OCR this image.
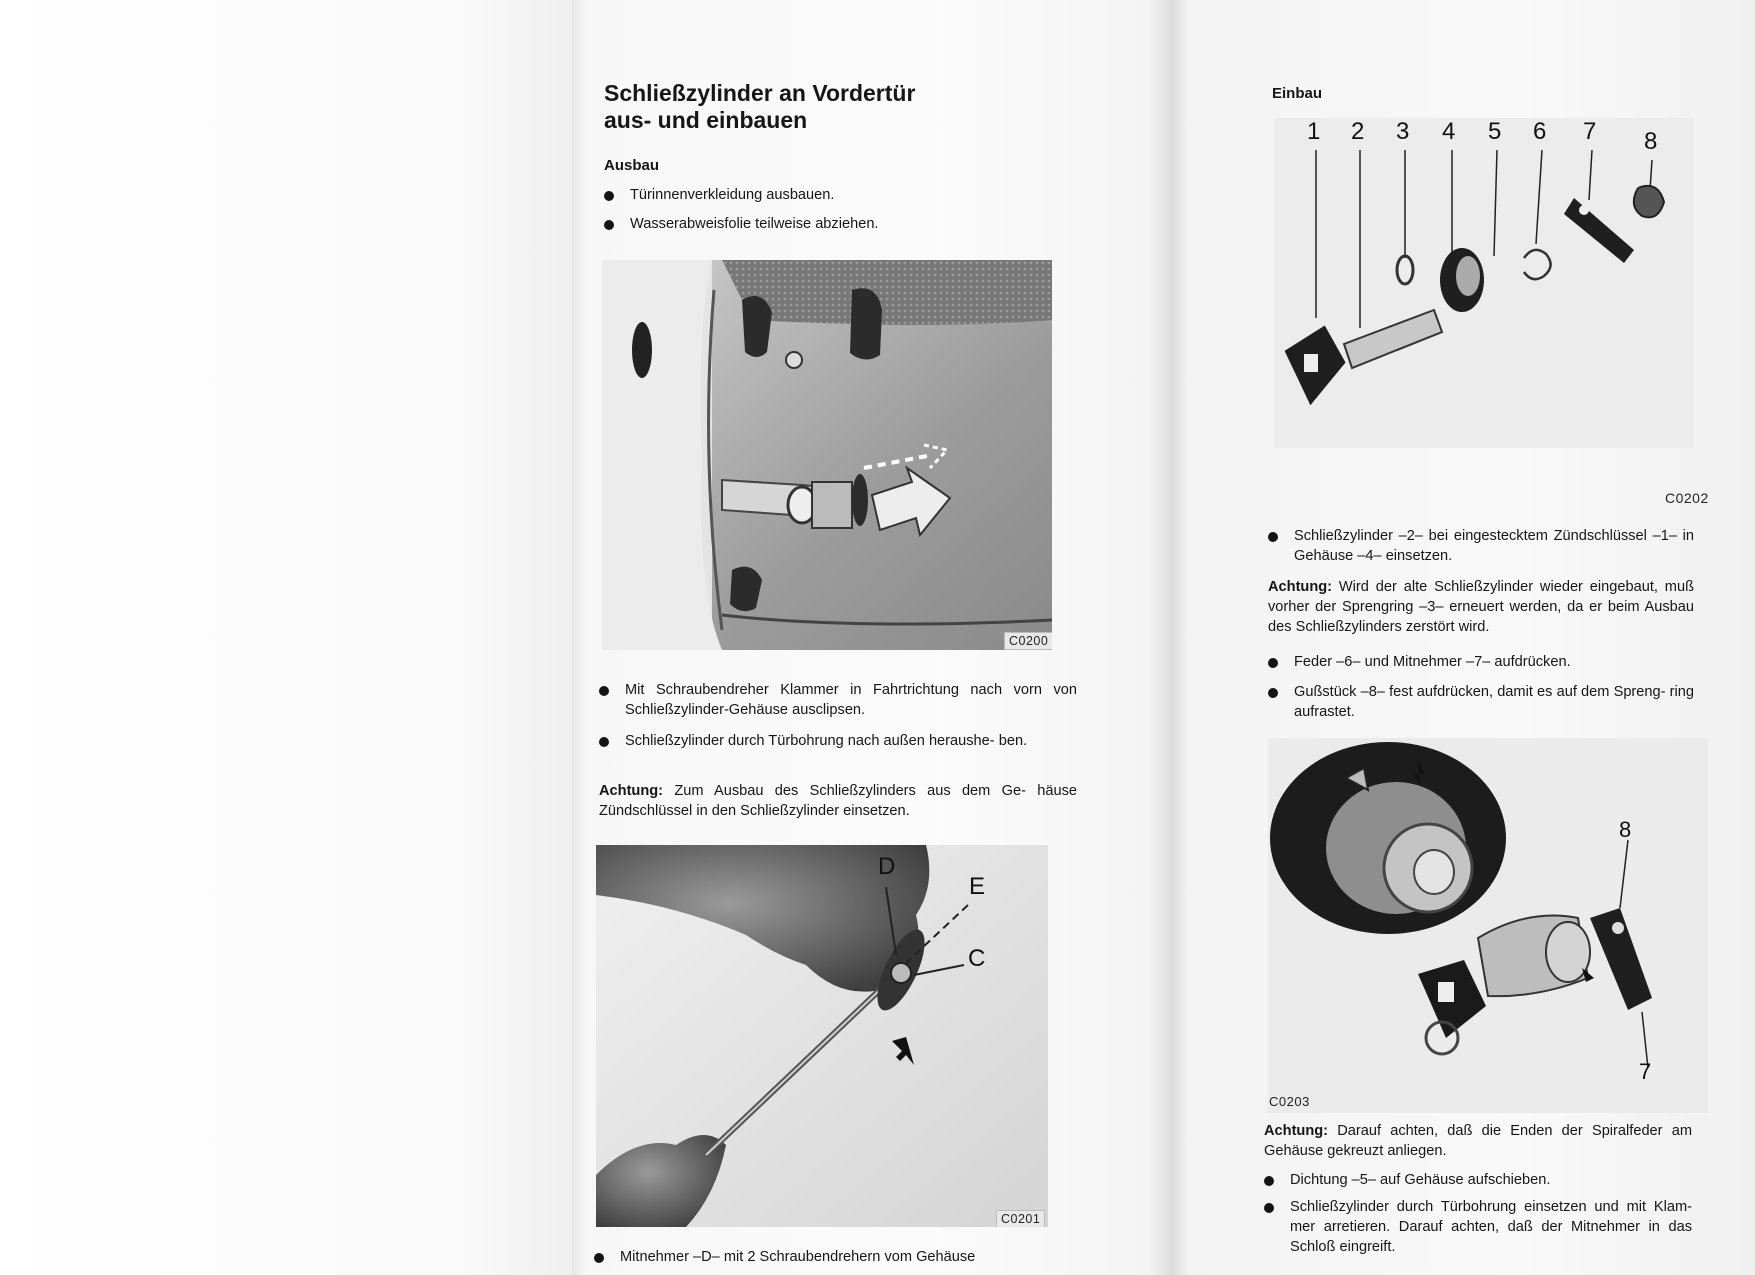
Schließzylinder an Vordertür
aus- und einbauen
Ausbau
Türinnenverkleidung ausbauen.
Wasserabweisfolie teilweise abziehen.
C0200
Mit Schraubendreher Klammer in Fahrtrichtung nach vorn von Schließzylinder-Gehäuse ausclipsen.
Schließzylinder durch Türbohrung nach außen heraushe- ben.
Achtung: Zum Ausbau des Schließzylinders aus dem Ge- häuse Zündschlüssel in den Schließzylinder einsetzen.
D
E
C
C0201
Mitnehmer –D– mit 2 Schraubendrehern vom Gehäuse
Einbau
1 2 3 4 5 6 7 8
C0202
Schließzylinder –2– bei eingestecktem Zündschlüssel –1– in Gehäuse –4– einsetzen.
Achtung: Wird der alte Schließzylinder wieder eingebaut, muß vorher der Sprengring –3– erneuert werden, da er beim Ausbau des Schließzylinders zerstört wird.
Feder –6– und Mitnehmer –7– aufdrücken.
Gußstück –8– fest aufdrücken, damit es auf dem Spreng- ring aufrastet.
8
7
C0203
Achtung: Darauf achten, daß die Enden der Spiralfeder am Gehäuse gekreuzt anliegen.
Dichtung –5– auf Gehäuse aufschieben.
Schließzylinder durch Türbohrung einsetzen und mit Klam- mer arretieren. Darauf achten, daß der Mitnehmer in das Schloß eingreift.
